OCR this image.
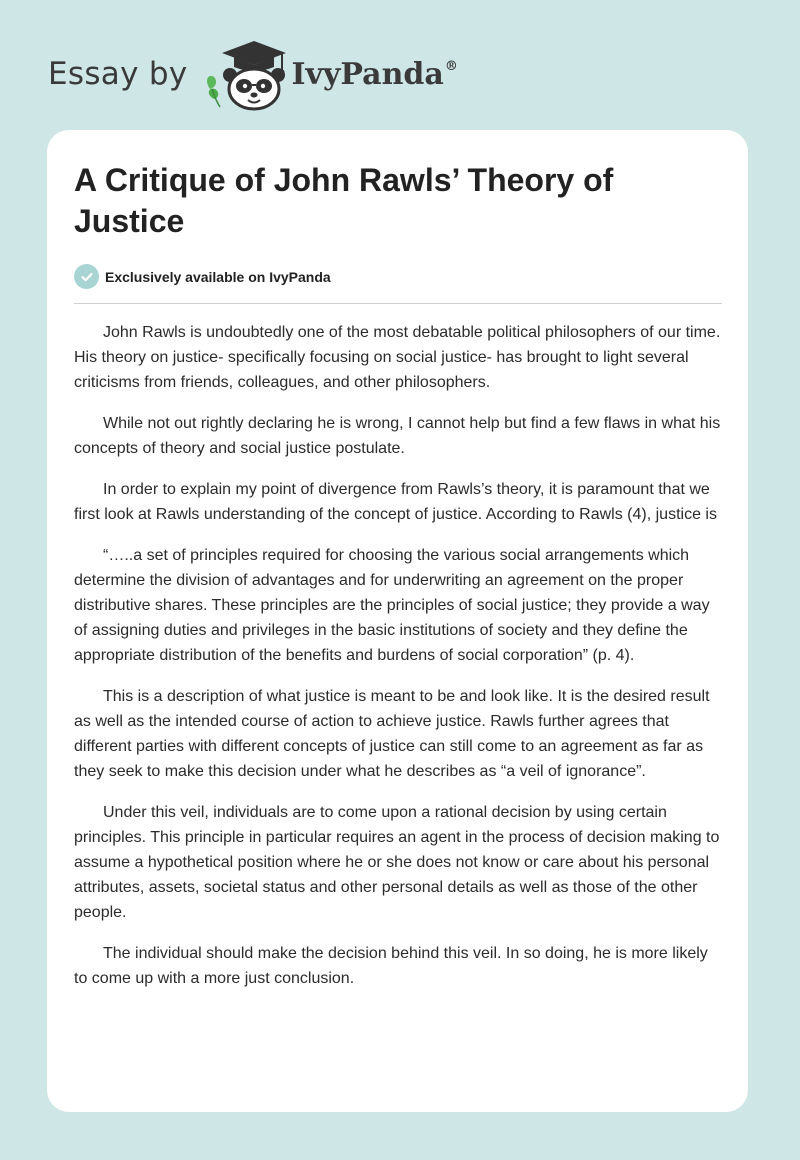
Essay by	IvyPanda®
A Critique of John Rawls’ Theory of Justice
Exclusively available on IvyPanda

John Rawls is undoubtedly one of the most debatable political philosophers of our time. His theory on justice- specifically focusing on social justice- has brought to light several criticisms from friends, colleagues, and other philosophers.

While not out rightly declaring he is wrong, I cannot help but find a few flaws in what his concepts of theory and social justice postulate.

In order to explain my point of divergence from Rawls’s theory, it is paramount that we first look at Rawls understanding of the concept of justice. According to Rawls (4), justice is

“…..a set of principles required for choosing the various social arrangements which determine the division of advantages and for underwriting an agreement on the proper distributive shares. These principles are the principles of social justice; they provide a way of assigning duties and privileges in the basic institutions of society and they define the appropriate distribution of the benefits and burdens of social corporation” (p. 4).

This is a description of what justice is meant to be and look like. It is the desired result as well as the intended course of action to achieve justice. Rawls further agrees that different parties with different concepts of justice can still come to an agreement as far as they seek to make this decision under what he describes as “a veil of ignorance”.

Under this veil, individuals are to come upon a rational decision by using certain principles. This principle in particular requires an agent in the process of decision making to assume a hypothetical position where he or she does not know or care about his personal attributes, assets, societal status and other personal details as well as those of the other people.

The individual should make the decision behind this veil. In so doing, he is more likely to come up with a more just conclusion.
